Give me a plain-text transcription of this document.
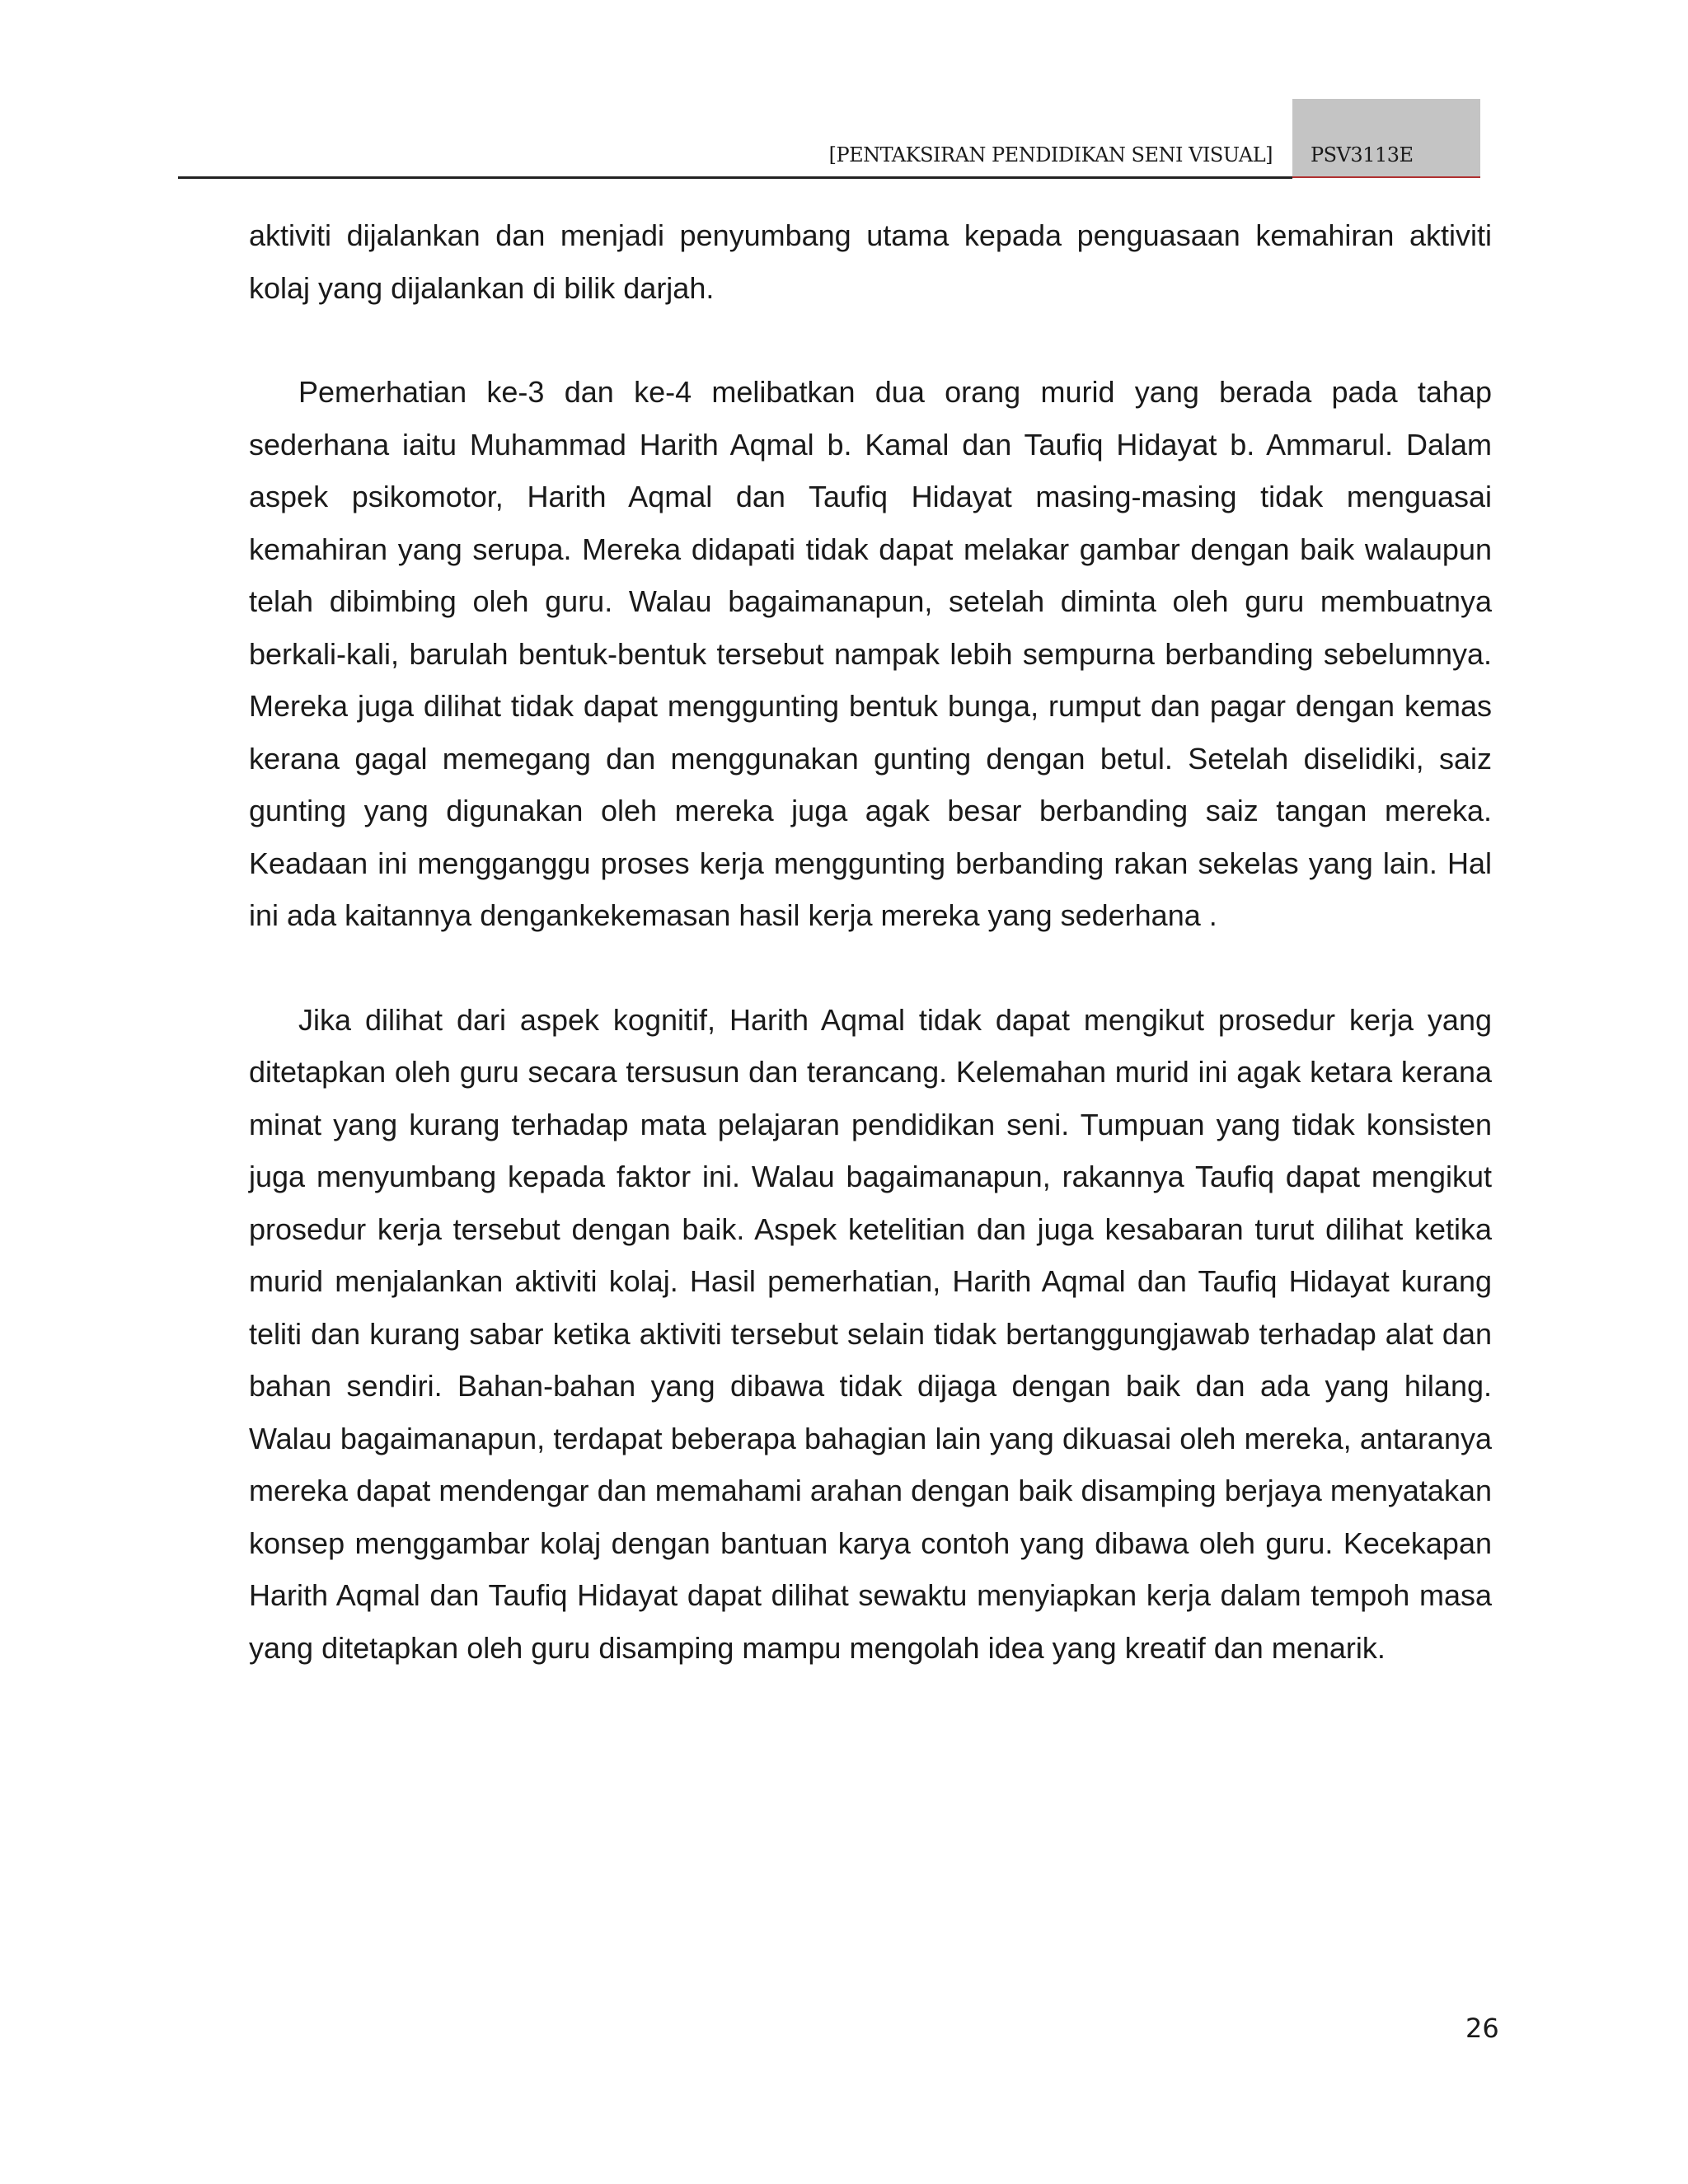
[PENTAKSIRAN PENDIDIKAN SENI VISUAL] PSV3113E

aktiviti dijalankan dan menjadi penyumbang utama kepada penguasaan kemahiran aktiviti kolaj yang dijalankan di bilik darjah.

Pemerhatian ke-3 dan ke-4 melibatkan dua orang murid yang berada pada tahap sederhana iaitu Muhammad Harith Aqmal b. Kamal dan Taufiq Hidayat b. Ammarul. Dalam aspek psikomotor, Harith Aqmal dan Taufiq Hidayat masing-masing tidak menguasai kemahiran yang serupa. Mereka didapati tidak dapat melakar gambar dengan baik walaupun telah dibimbing oleh guru. Walau bagaimanapun, setelah diminta oleh guru membuatnya berkali-kali, barulah bentuk-bentuk tersebut nampak lebih sempurna berbanding sebelumnya. Mereka juga dilihat tidak dapat menggunting bentuk bunga, rumput dan pagar dengan kemas kerana gagal memegang dan menggunakan gunting dengan betul. Setelah diselidiki, saiz gunting yang digunakan oleh mereka juga agak besar berbanding saiz tangan mereka. Keadaan ini mengganggu proses kerja menggunting berbanding rakan sekelas yang lain. Hal ini ada kaitannya dengankekemasan hasil kerja mereka yang sederhana .

Jika dilihat dari aspek kognitif, Harith Aqmal tidak dapat mengikut prosedur kerja yang ditetapkan oleh guru secara tersusun dan terancang. Kelemahan murid ini agak ketara kerana minat yang kurang terhadap mata pelajaran pendidikan seni. Tumpuan yang tidak konsisten juga menyumbang kepada faktor ini. Walau bagaimanapun, rakannya Taufiq dapat mengikut prosedur kerja tersebut dengan baik. Aspek ketelitian dan juga kesabaran turut dilihat ketika murid menjalankan aktiviti kolaj. Hasil pemerhatian, Harith Aqmal dan Taufiq Hidayat kurang teliti dan kurang sabar ketika aktiviti tersebut selain tidak bertanggungjawab terhadap alat dan bahan sendiri. Bahan-bahan yang dibawa tidak dijaga dengan baik dan ada yang hilang. Walau bagaimanapun, terdapat beberapa bahagian lain yang dikuasai oleh mereka, antaranya mereka dapat mendengar dan memahami arahan dengan baik disamping berjaya menyatakan konsep menggambar kolaj dengan bantuan karya contoh yang dibawa oleh guru. Kecekapan Harith Aqmal dan Taufiq Hidayat dapat dilihat sewaktu menyiapkan kerja dalam tempoh masa yang ditetapkan oleh guru disamping mampu mengolah idea yang kreatif dan menarik.

26
